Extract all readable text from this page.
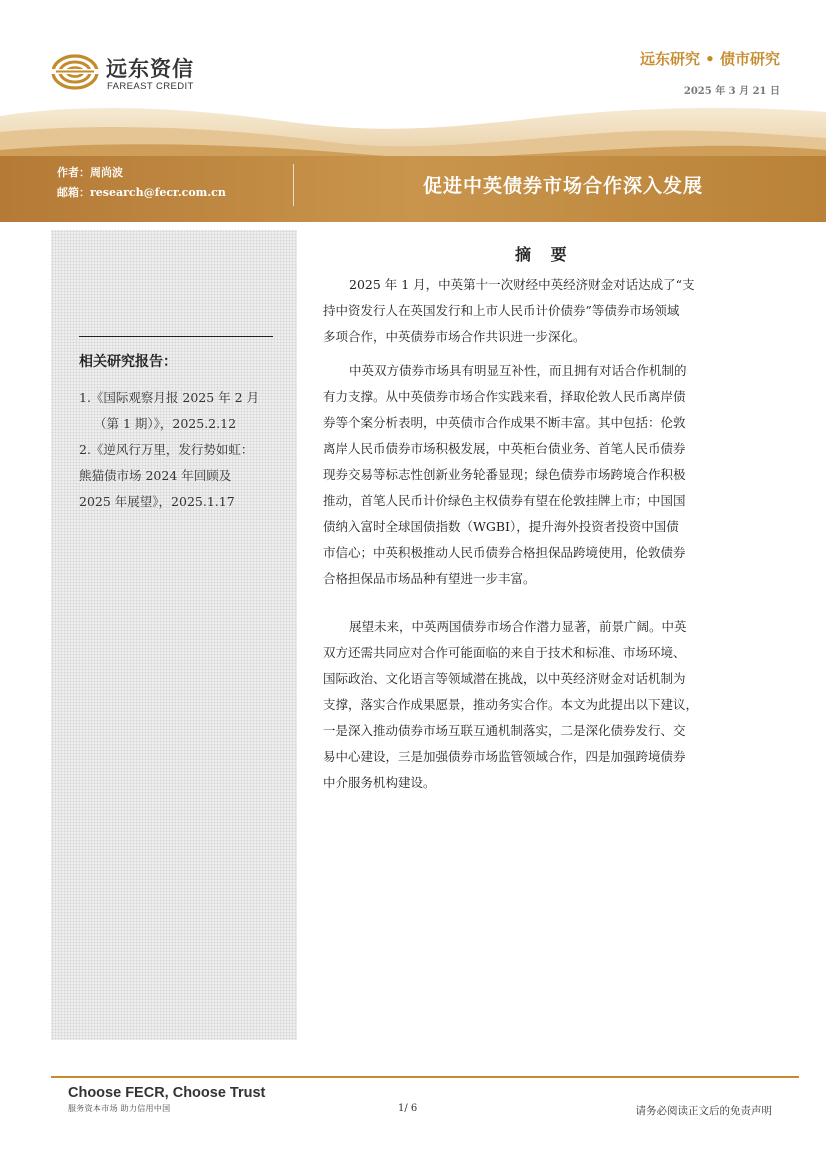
远东资信
FAREAST CREDIT
远东研究 • 债市研究
2025 年 3 月 21 日
作者：周尚波
邮箱：research@fecr.com.cn	促进中英债券市场合作深入发展
相关研究报告：
1.《国际观察月报 2025 年 2 月
（第 1 期）》，2025.2.12
2.《逆风行万里，发行势如虹：
熊猫债市场 2024 年回顾及
2025 年展望》，2025.1.17
摘 要
2025 年 1 月，中英第十一次财经中英经济财金对话达成了“支
持中资发行人在英国发行和上市人民币计价债券”等债券市场领域
多项合作，中英债券市场合作共识进一步深化。
中英双方债券市场具有明显互补性，而且拥有对话合作机制的
有力支撑。从中英债券市场合作实践来看，择取伦敦人民币离岸债
券等个案分析表明，中英债市合作成果不断丰富。其中包括：伦敦
离岸人民币债券市场积极发展，中英柜台债业务、首笔人民币债券
现券交易等标志性创新业务轮番显现；绿色债券市场跨境合作积极
推动，首笔人民币计价绿色主权债券有望在伦敦挂牌上市；中国国
债纳入富时全球国债指数（WGBI），提升海外投资者投资中国债
市信心；中英积极推动人民币债券合格担保品跨境使用，伦敦债券
合格担保品市场品种有望进一步丰富。
展望未来，中英两国债券市场合作潜力显著，前景广阔。中英
双方还需共同应对合作可能面临的来自于技术和标准、市场环境、
国际政治、文化语言等领域潜在挑战，以中英经济财金对话机制为
支撑，落实合作成果愿景，推动务实合作。本文为此提出以下建议，
一是深入推动债券市场互联互通机制落实，二是深化债券发行、交
易中心建设，三是加强债券市场监管领域合作，四是加强跨境债券
中介服务机构建设。
Choose FECR, Choose Trust
服务资本市场 助力信用中国	1/ 6	请务必阅读正文后的免责声明
